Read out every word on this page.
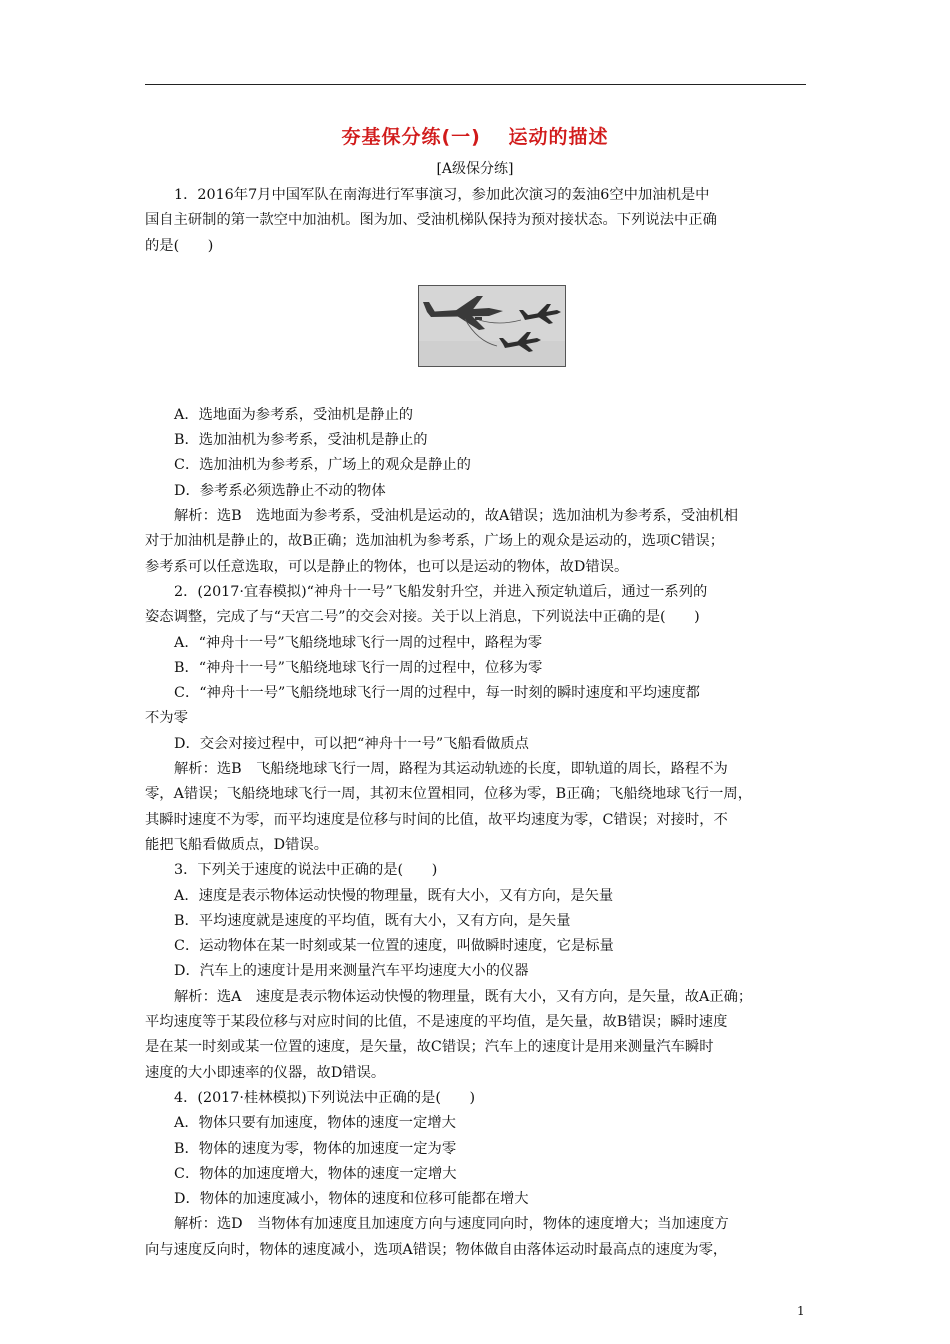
夯基保分练(一)　 运动的描述
[A级保分练]

1．2016年7月中国军队在南海进行军事演习，参加此次演习的轰油6空中加油机是中

国自主研制的第一款空中加油机。图为加、受油机梯队保持为预对接状态。下列说法中正确

的是(　　)

A．选地面为参考系，受油机是静止的

B．选加油机为参考系，受油机是静止的

C．选加油机为参考系，广场上的观众是静止的

D．参考系必须选静止不动的物体

解析：选B　选地面为参考系，受油机是运动的，故A错误；选加油机为参考系，受油机相

对于加油机是静止的，故B正确；选加油机为参考系，广场上的观众是运动的，选项C错误；

参考系可以任意选取，可以是静止的物体，也可以是运动的物体，故D错误。

2．(2017·宜春模拟)“神舟十一号”飞船发射升空，并进入预定轨道后，通过一系列的

姿态调整，完成了与“天宫二号”的交会对接。关于以上消息，下列说法中正确的是(　　)

A．“神舟十一号”飞船绕地球飞行一周的过程中，路程为零

B．“神舟十一号”飞船绕地球飞行一周的过程中，位移为零

C．“神舟十一号”飞船绕地球飞行一周的过程中，每一时刻的瞬时速度和平均速度都

不为零

D．交会对接过程中，可以把“神舟十一号”飞船看做质点

解析：选B　飞船绕地球飞行一周，路程为其运动轨迹的长度，即轨道的周长，路程不为

零，A错误；飞船绕地球飞行一周，其初末位置相同，位移为零，B正确；飞船绕地球飞行一周，

其瞬时速度不为零，而平均速度是位移与时间的比值，故平均速度为零，C错误；对接时，不

能把飞船看做质点，D错误。

3．下列关于速度的说法中正确的是(　　)

A．速度是表示物体运动快慢的物理量，既有大小，又有方向，是矢量

B．平均速度就是速度的平均值，既有大小，又有方向，是矢量

C．运动物体在某一时刻或某一位置的速度，叫做瞬时速度，它是标量

D．汽车上的速度计是用来测量汽车平均速度大小的仪器

解析：选A　速度是表示物体运动快慢的物理量，既有大小，又有方向，是矢量，故A正确；

平均速度等于某段位移与对应时间的比值，不是速度的平均值，是矢量，故B错误；瞬时速度

是在某一时刻或某一位置的速度，是矢量，故C错误；汽车上的速度计是用来测量汽车瞬时

速度的大小即速率的仪器，故D错误。

4．(2017·桂林模拟)下列说法中正确的是(　　)

A．物体只要有加速度，物体的速度一定增大

B．物体的速度为零，物体的加速度一定为零

C．物体的加速度增大，物体的速度一定增大

D．物体的加速度减小，物体的速度和位移可能都在增大

解析：选D　当物体有加速度且加速度方向与速度同向时，物体的速度增大；当加速度方

向与速度反向时，物体的速度减小，选项A错误；物体做自由落体运动时最高点的速度为零，

1
